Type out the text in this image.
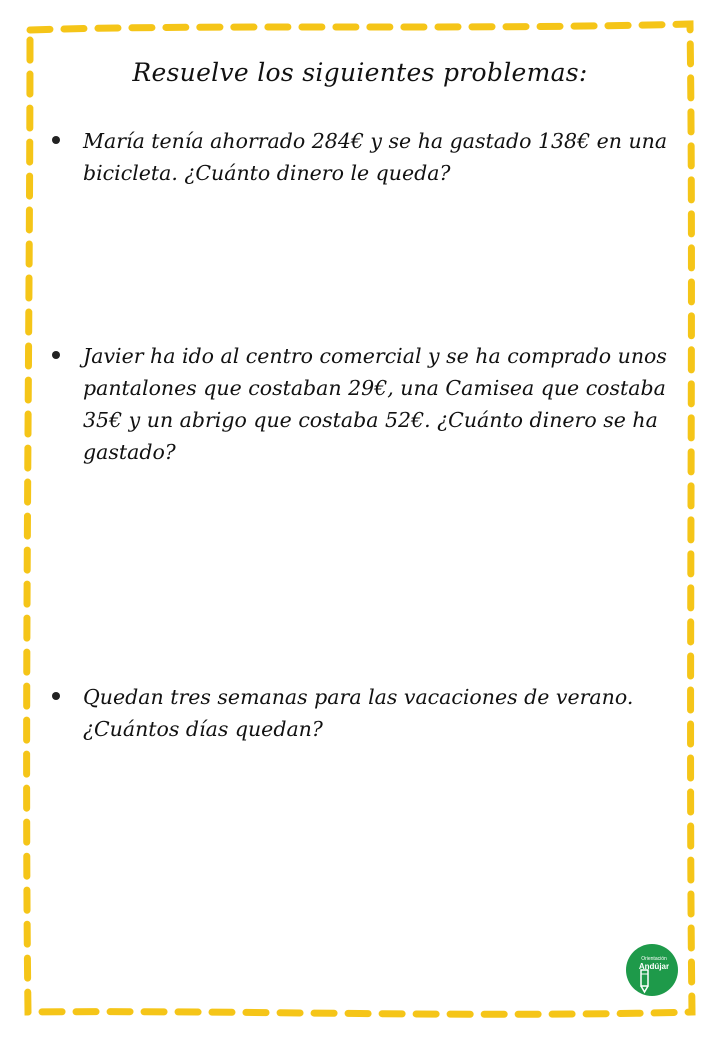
Resuelve los siguientes problemas:
María tenía ahorrado 284€ y se ha gastado 138€ en una bicicleta. ¿Cuánto dinero le queda?
Javier ha ido al centro comercial y se ha comprado unos pantalones que costaban 29€, una Camisea que costaba 35€ y un abrigo que costaba 52€. ¿Cuánto dinero se ha gastado?
Quedan tres semanas para las vacaciones de verano. ¿Cuántos días quedan?
Orientación
Andújar
